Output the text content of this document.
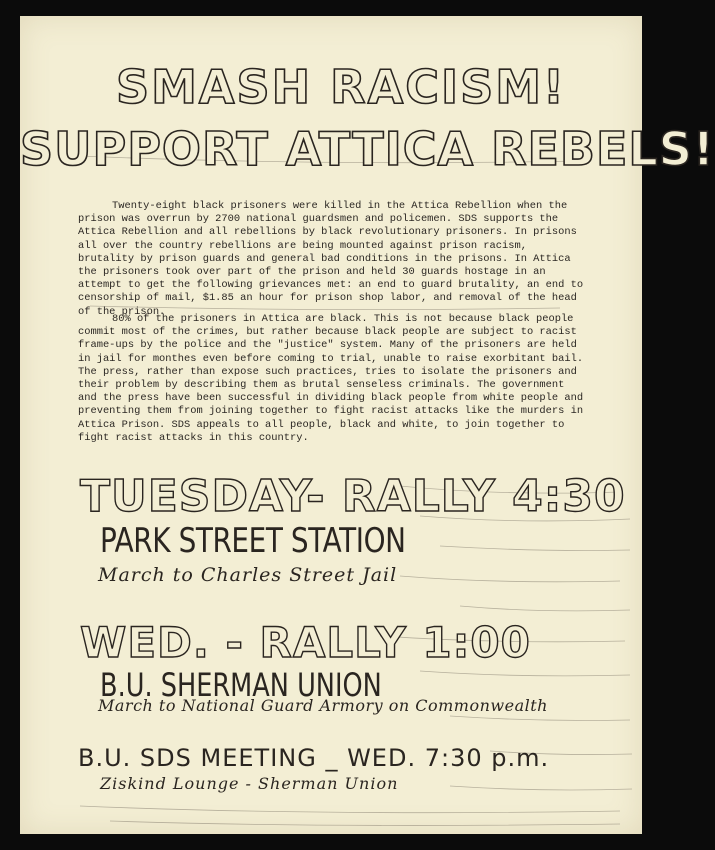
SMASH RACISM!
SUPPORT ATTICA REBELS!

Twenty-eight black prisoners were killed in the Attica Rebellion when the prison was overrun by 2700 national guardsmen and policemen. SDS supports the Attica Rebellion and all rebellions by black revolutionary prisoners. In prisons all over the country rebellions are being mounted against prison racism, brutality by prison guards and general bad conditions in the prisons. In Attica the prisoners took over part of the prison and held 30 guards hostage in an attempt to get the following grievances met: an end to guard brutality, an end to censorship of mail, $1.85 an hour for prison shop labor, and removal of the head of the prison.

80% of the prisoners in Attica are black. This is not because black people commit most of the crimes, but rather because black people are subject to racist frame-ups by the police and the "justice" system. Many of the prisoners are held in jail for monthes even before coming to trial, unable to raise exorbitant bail. The press, rather than expose such practices, tries to isolate the prisoners and their problem by describing them as brutal senseless criminals. The government and the press have been successful in dividing black people from white people and preventing them from joining together to fight racist attacks like the murders in Attica Prison. SDS appeals to all people, black and white, to join together to fight racist attacks in this country.

TUESDAY- RALLY 4:30
PARK STREET STATION
March to Charles Street Jail
WED. - RALLY 1:00
B.U. SHERMAN UNION
March to National Guard Armory on Commonwealth
B.U. SDS MEETING _ WED. 7:30 p.m.
Ziskind Lounge - Sherman Union
